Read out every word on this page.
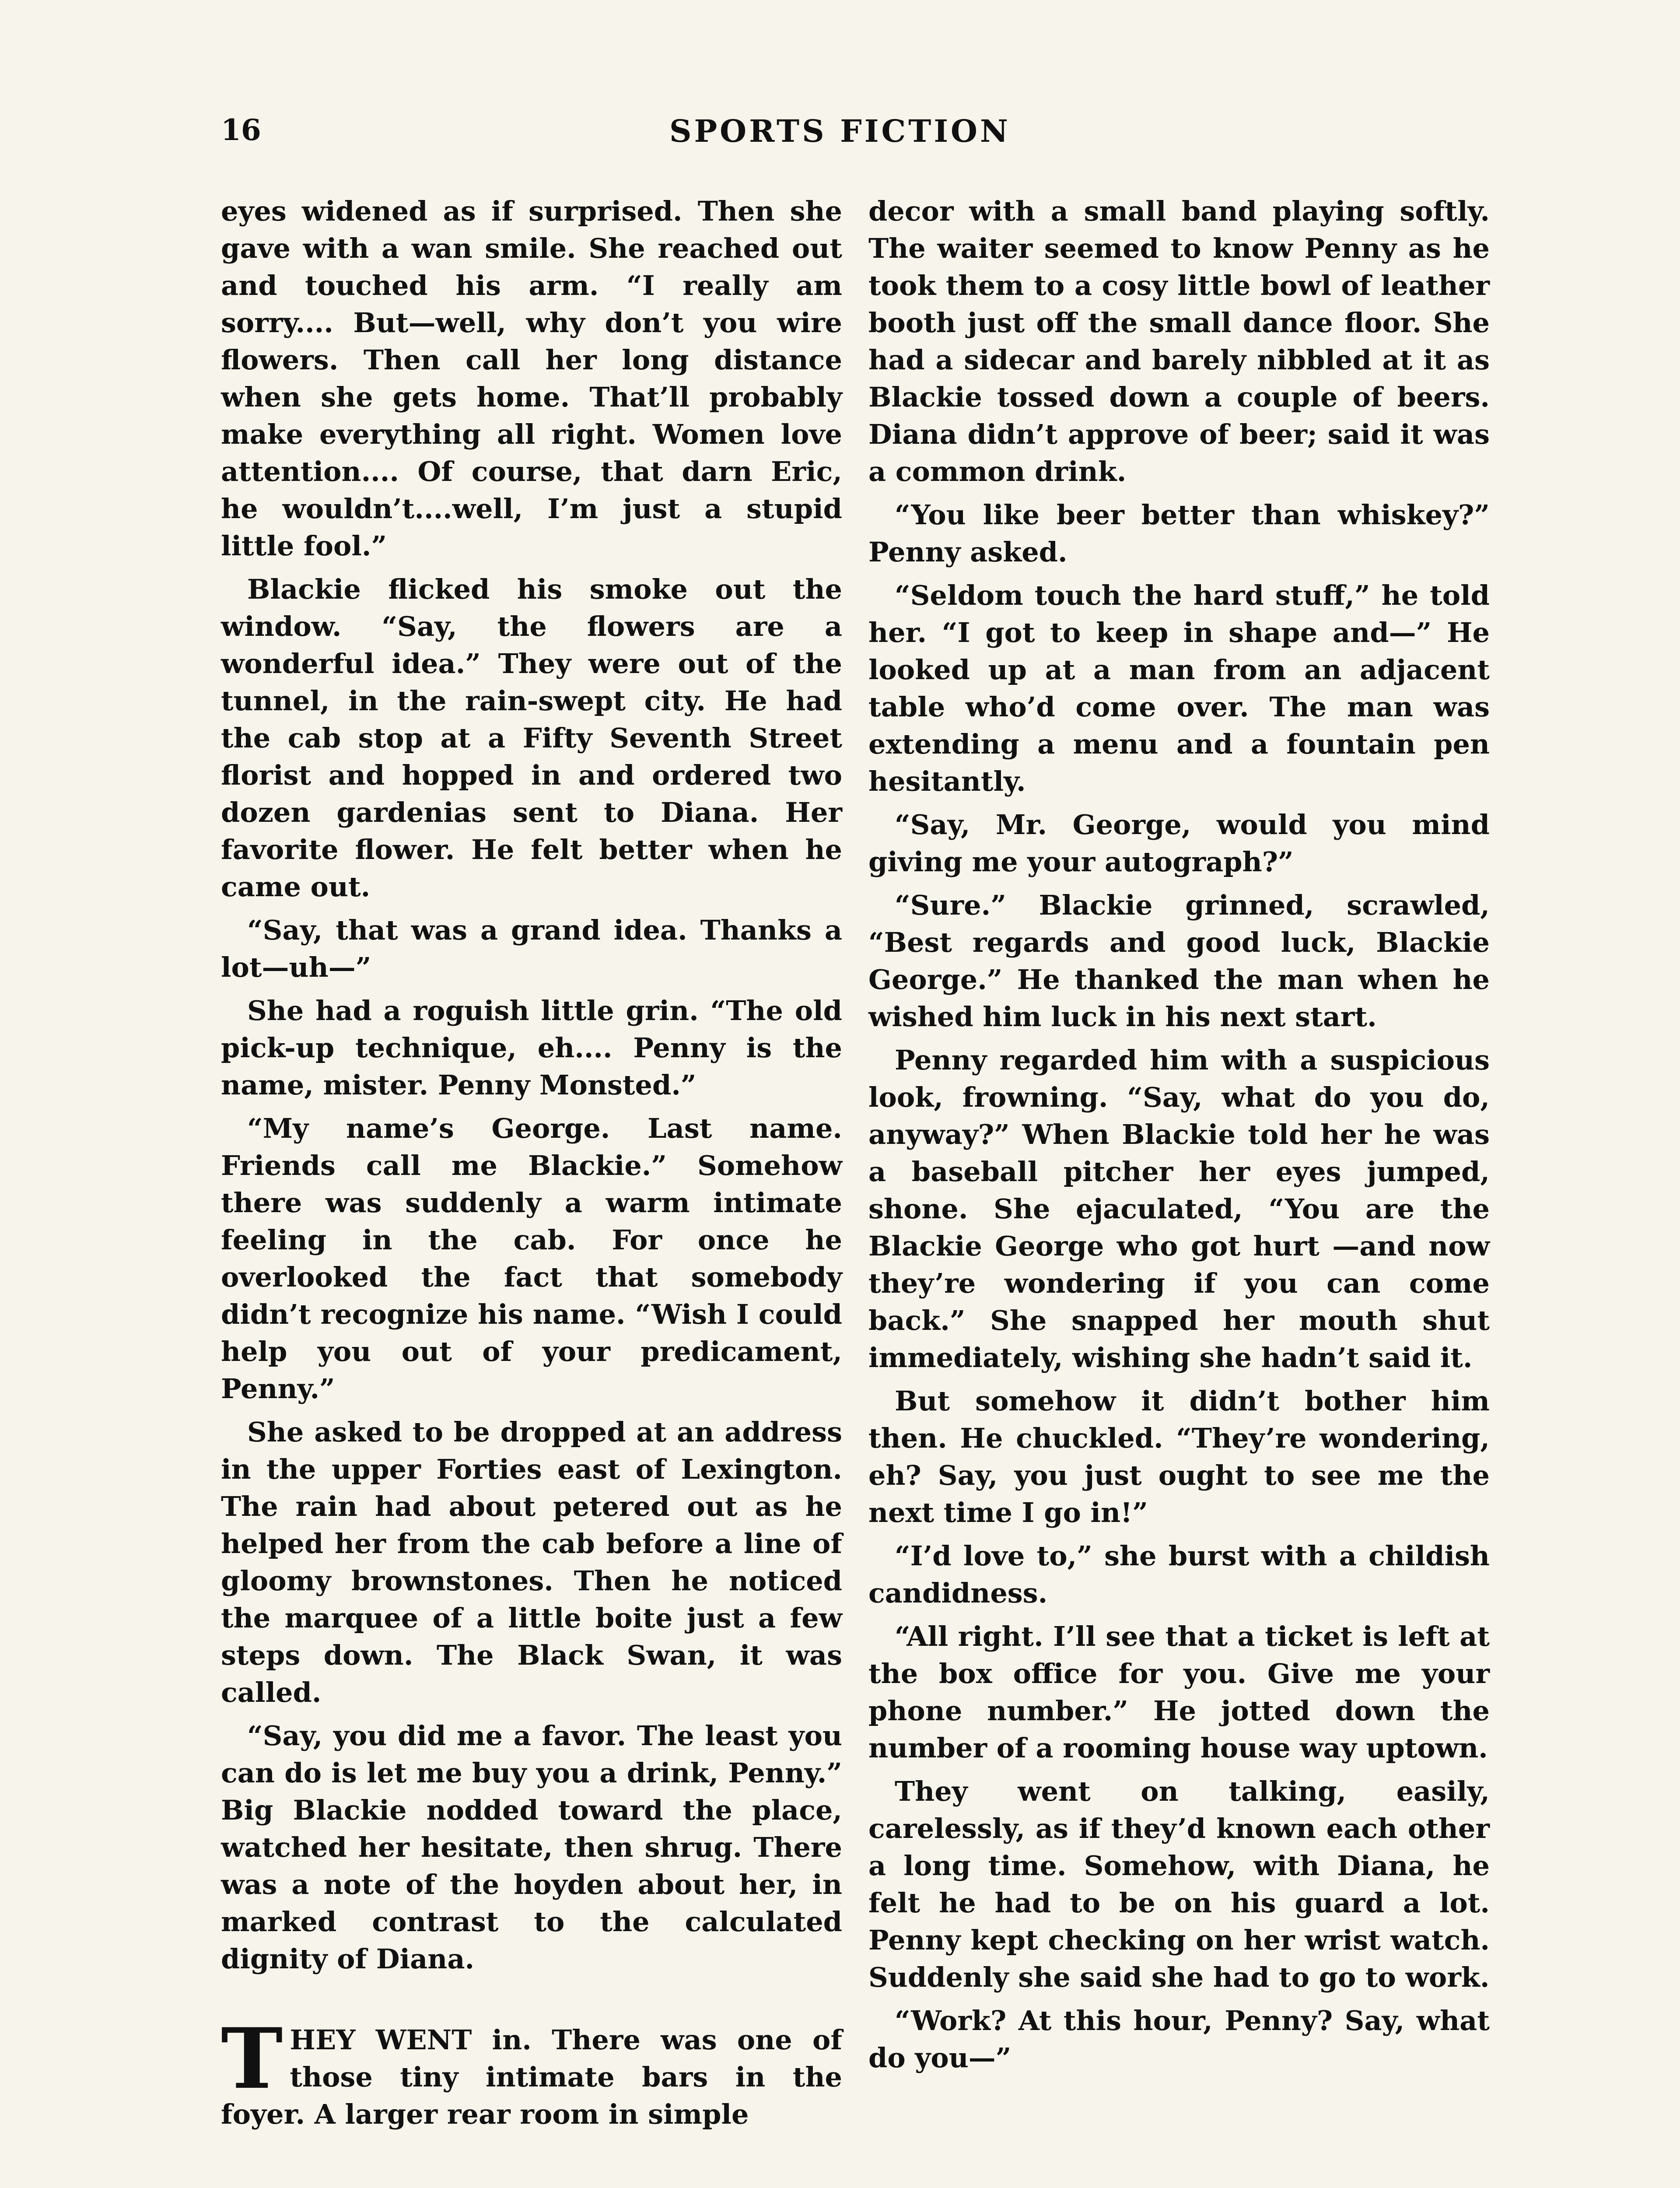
16	SPORTS FICTION

eyes widened as if surprised. Then she gave with a wan smile. She reached out and touched his arm. “I really am sorry.... But—well, why don’t you wire flowers. Then call her long distance when she gets home. That’ll probably make everything all right. Women love attention.... Of course, that darn Eric, he wouldn’t....well, I’m just a stupid little fool.”

Blackie flicked his smoke out the window. “Say, the flowers are a wonderful idea.” They were out of the tunnel, in the rain-swept city. He had the cab stop at a Fifty Seventh Street florist and hopped in and ordered two dozen gardenias sent to Diana. Her favorite flower. He felt better when he came out.

“Say, that was a grand idea. Thanks a lot—uh—”

She had a roguish little grin. “The old pick-up technique, eh.... Penny is the name, mister. Penny Monsted.”

“My name’s George. Last name. Friends call me Blackie.” Somehow there was suddenly a warm intimate feeling in the cab. For once he overlooked the fact that somebody didn’t recognize his name. “Wish I could help you out of your predicament, Penny.”

She asked to be dropped at an address in the upper Forties east of Lexington. The rain had about petered out as he helped her from the cab before a line of gloomy brownstones. Then he noticed the marquee of a little boite just a few steps down. The Black Swan, it was called.

“Say, you did me a favor. The least you can do is let me buy you a drink, Penny.” Big Blackie nodded toward the place, watched her hesitate, then shrug. There was a note of the hoyden about her, in marked contrast to the calculated dignity of Diana.

T HEY WENT in. There was one of those tiny intimate bars in the foyer. A larger rear room in simple

decor with a small band playing softly. The waiter seemed to know Penny as he took them to a cosy little bowl of leather booth just off the small dance floor. She had a sidecar and barely nibbled at it as Blackie tossed down a couple of beers. Diana didn’t approve of beer; said it was a common drink.

“You like beer better than whiskey?” Penny asked.

“Seldom touch the hard stuff,” he told her. “I got to keep in shape and—” He looked up at a man from an adjacent table who’d come over. The man was extending a menu and a fountain pen hesitantly.

“Say, Mr. George, would you mind giving me your autograph?”

“Sure.” Blackie grinned, scrawled, “Best regards and good luck, Blackie George.” He thanked the man when he wished him luck in his next start.

Penny regarded him with a suspicious look, frowning. “Say, what do you do, anyway?” When Blackie told her he was a baseball pitcher her eyes jumped, shone. She ejaculated, “You are the Blackie George who got hurt —and now they’re wondering if you can come back.” She snapped her mouth shut immediately, wishing she hadn’t said it.

But somehow it didn’t bother him then. He chuckled. “They’re wondering, eh? Say, you just ought to see me the next time I go in!”

“I’d love to,” she burst with a childish candidness.

“All right. I’ll see that a ticket is left at the box office for you. Give me your phone number.” He jotted down the number of a rooming house way uptown.

They went on talking, easily, carelessly, as if they’d known each other a long time. Somehow, with Diana, he felt he had to be on his guard a lot. Penny kept checking on her wrist watch. Suddenly she said she had to go to work.

“Work? At this hour, Penny? Say, what do you—”
